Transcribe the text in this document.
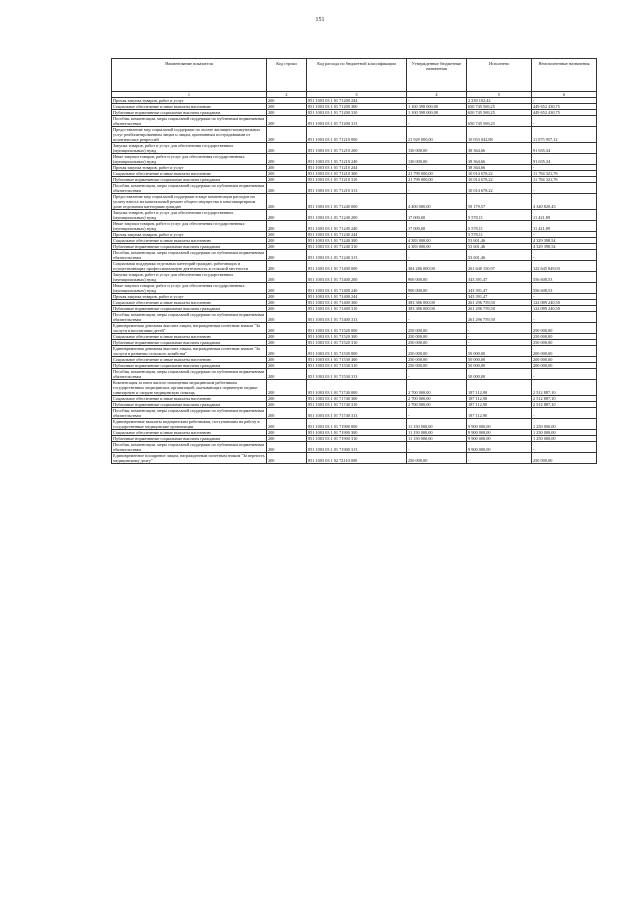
151
Наименование показателя	Код строки	Код расхода по бюджетной классификации	Утвержденные бюджетные назначения	Исполнено	Неисполненные назначения
1	2	3	4	5	6
Прочая закупка товаров, работ и услуг	200	851 1003 03 1 01 71200 244	-	2 239 102,42	-
Социальное обеспечение и иные выплаты населению	200	851 1003 03 1 01 71200 300	1 100 398 000,00	650 745 569,25	449 652 430,75
Публичные нормативные социальные выплаты гражданам	200	851 1003 03 1 01 71200 310	1 100 398 000,00	650 745 569,25	449 652 430,75
Пособия, компенсации, меры социальной поддержки по публичным нормативным обязательствам	200	851 1003 03 1 01 71200 313	-	650 745 569,25	-
Предоставление мер социальной поддержки по оплате жилищно-коммунальных услуг реабилитированным лицам и лицам, признанным пострадавшими от политических репрессий	200	851 1003 03 1 01 71210 000	21 929 000,00	10 053 042,88	11 875 957,12
Закупка товаров, работ и услуг для обеспечения государственных (муниципальных) нужд	200	851 1003 03 1 01 71210 200	130 000,00	38 364,66	91 635,34
Иные закупки товаров, работ и услуг для обеспечения государственных (муниципальных) нужд	200	851 1003 03 1 01 71210 240	130 000,00	38 364,66	91 635,34
Прочая закупка товаров, работ и услуг	200	851 1003 03 1 01 71210 244	-	38 364,66	-
Социальное обеспечение и иные выплаты населению	200	851 1003 03 1 01 71210 300	21 799 000,00	10 014 678,22	11 784 321,78
Публичные нормативные социальные выплаты гражданам	200	851 1003 03 1 01 71210 310	21 799 000,00	10 014 678,22	11 784 321,78
Пособия, компенсации, меры социальной поддержки по публичным нормативным обязательствам	200	851 1003 03 1 01 71210 313	-	10 014 678,22	-
Предоставление мер социальной поддержки в виде компенсации расходов на уплату взноса на капитальный ремонт общего имущества в многоквартирном доме отдельным категориям граждан	200	851 1003 03 1 01 71240 000	4 400 000,00	59 179,57	4 340 820,43
Закупка товаров, работ и услуг для обеспечения государственных (муниципальных) нужд	200	851 1003 03 1 01 71240 200	17 000,00	5 578,11	11 421,89
Иные закупки товаров, работ и услуг для обеспечения государственных (муниципальных) нужд	200	851 1003 03 1 01 71240 240	17 000,00	5 578,11	11 421,89
Прочая закупка товаров, работ и услуг	200	851 1003 03 1 01 71240 244	-	5 578,11	-
Социальное обеспечение и иные выплаты населению	200	851 1003 03 1 01 71240 300	4 383 000,00	53 601,46	4 329 398,54
Публичные нормативные социальные выплаты гражданам	200	851 1003 03 1 01 71240 310	4 383 000,00	53 601,46	4 329 398,54
Пособия, компенсации, меры социальной поддержки по публичным нормативным обязательствам	200	851 1003 03 1 01 71240 313	-	53 601,46	-
Социальная поддержка отдельных категорий граждан, работающих и осуществляющих профессиональную деятельность в сельской местности	200	851 1003 03 1 01 71400 000	384 286 000,00	261 640 150,97	122 645 849,03
Закупка товаров, работ и услуг для обеспечения государственных (муниципальных) нужд	200	851 1003 03 1 01 71400 200	900 000,00	343 391,47	556 608,53
Иные закупки товаров, работ и услуг для обеспечения государственных (муниципальных) нужд	200	851 1003 03 1 01 71400 240	900 000,00	343 391,47	556 608,53
Прочая закупка товаров, работ и услуг	200	851 1003 03 1 01 71400 244	-	343 391,47	-
Социальное обеспечение и иные выплаты населению	200	851 1003 03 1 01 71400 300	383 386 000,00	261 296 759,50	122 089 240,50
Публичные нормативные социальные выплаты гражданам	200	851 1003 03 1 01 71400 310	383 386 000,00	261 296 759,50	122 089 240,50
Пособия, компенсации, меры социальной поддержки по публичным нормативным обязательствам	200	851 1003 03 1 01 71400 313	-	261 296 759,50	-
Единовременная денежная выплата лицам, награжденным почетным знаком "За заслуги в воспитании детей"	200	851 1003 03 1 01 71520 000	250 000,00	-	250 000,00
Социальное обеспечение и иные выплаты населению	200	851 1003 03 1 01 71520 300	250 000,00	-	250 000,00
Публичные нормативные социальные выплаты гражданам	200	851 1003 03 1 01 71520 310	250 000,00	-	250 000,00
Единовременная денежная выплата лицам, награжденным почетным знаком "За заслуги в развитии сельского хозяйства"	200	851 1003 03 1 01 71530 000	250 000,00	50 000,00	200 000,00
Социальное обеспечение и иные выплаты населению	200	851 1003 03 1 01 71530 300	250 000,00	50 000,00	200 000,00
Публичные нормативные социальные выплаты гражданам	200	851 1003 03 1 01 71530 310	250 000,00	50 000,00	200 000,00
Пособия, компенсации, меры социальной поддержки по публичным нормативным обязательствам	200	851 1003 03 1 01 71530 313	-	50 000,00	-
Компенсация за наем жилого помещения медицинским работникам государственных медицинских организаций, оказывающих первичную медико-санитарную и скорую медицинскую помощь	200	851 1003 03 1 01 71740 000	2 700 000,00	187 112,90	2 512 887,10
Социальное обеспечение и иные выплаты населению	200	851 1003 03 1 01 71740 300	2 700 000,00	187 112,90	2 512 887,10
Публичные нормативные социальные выплаты гражданам	200	851 1003 03 1 01 71740 310	2 700 000,00	187 112,90	2 512 887,10
Пособия, компенсации, меры социальной поддержки по публичным нормативным обязательствам	200	851 1003 03 1 01 71740 313	-	187 112,90	-
Единовременные выплаты медицинским работникам, поступившим на работу в государственные медицинские организации	200	851 1003 03 1 01 71900 000	11 150 000,00	9 900 000,00	1 250 000,00
Социальное обеспечение и иные выплаты населению	200	851 1003 03 1 01 71900 300	11 150 000,00	9 900 000,00	1 250 000,00
Публичные нормативные социальные выплаты гражданам	200	851 1003 03 1 01 71900 310	11 150 000,00	9 900 000,00	1 250 000,00
Пособия, компенсации, меры социальной поддержки по публичным нормативным обязательствам	200	851 1003 03 1 01 71900 313	-	9 900 000,00	-
Единовременное поощрение лицам, награжденным почетным знаком "За верность медицинскому долгу"	200	851 1003 03 1 02 72110 000	250 000,00	-	250 000,00
